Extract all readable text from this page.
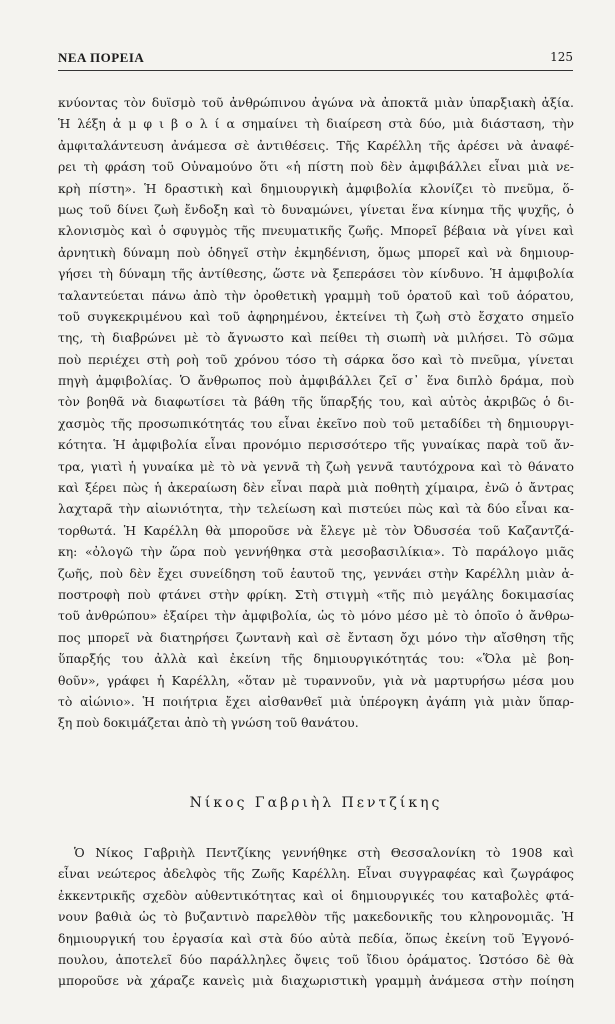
ΝΕΑ ΠΟΡΕΙΑ	125
κνύοντας τὸν δυϊσμὸ τοῦ ἀνθρώπινου ἀγώνα νὰ ἀποκτᾶ μιὰν ὑπαρξιακὴ ἀξία.
Ἡ λέξη ἀ μ φ ι β ο λ ί α σημαίνει τὴ διαίρεση στὰ δύο, μιὰ διάσταση, τὴν
ἀμφιταλάντευση ἀνάμεσα σὲ ἀντιθέσεις. Τῆς Καρέλλη τῆς ἀρέσει νὰ ἀναφέ-
ρει τὴ φράση τοῦ Οὐναμούνο ὅτι «ἡ πίστη ποὺ δὲν ἀμφιβάλλει εἶναι μιὰ νε-
κρὴ πίστη». Ἡ δραστικὴ καὶ δημιουργικὴ ἀμφιβολία κλονίζει τὸ πνεῦμα, ὅ-
μως τοῦ δίνει ζωὴ ἔνδοξη καὶ τὸ δυναμώνει, γίνεται ἕνα κίνημα τῆς ψυχῆς, ὁ
κλονισμὸς καὶ ὁ σφυγμὸς τῆς πνευματικῆς ζωῆς. Μπορεῖ βέβαια νὰ γίνει καὶ
ἀρνητικὴ δύναμη ποὺ ὁδηγεῖ στὴν ἐκμηδένιση, ὅμως μπορεῖ καὶ νὰ δημιουρ-
γήσει τὴ δύναμη τῆς ἀντίθεσης, ὥστε νὰ ξεπεράσει τὸν κίνδυνο. Ἡ ἀμφιβολία
ταλαντεύεται πάνω ἀπὸ τὴν ὀροθετικὴ γραμμὴ τοῦ ὁρατοῦ καὶ τοῦ ἀόρατου,
τοῦ συγκεκριμένου καὶ τοῦ ἀφηρημένου, ἐκτείνει τὴ ζωὴ στὸ ἔσχατο σημεῖο
της, τὴ διαβρώνει μὲ τὸ ἄγνωστο καὶ πείθει τὴ σιωπὴ νὰ μιλήσει. Τὸ σῶμα
ποὺ περιέχει στὴ ροὴ τοῦ χρόνου τόσο τὴ σάρκα ὅσο καὶ τὸ πνεῦμα, γίνεται
πηγὴ ἀμφιβολίας. Ὁ ἄνθρωπος ποὺ ἀμφιβάλλει ζεῖ σ᾿ ἕνα διπλὸ δράμα, ποὺ
τὸν βοηθᾶ νὰ διαφωτίσει τὰ βάθη τῆς ὕπαρξής του, καὶ αὐτὸς ἀκριβῶς ὁ δι-
χασμὸς τῆς προσωπικότητάς του εἶναι ἐκεῖνο ποὺ τοῦ μεταδίδει τὴ δημιουργι-
κότητα. Ἡ ἀμφιβολία εἶναι προνόμιο περισσότερο τῆς γυναίκας παρὰ τοῦ ἄν-
τρα, γιατὶ ἡ γυναίκα μὲ τὸ νὰ γεννᾶ τὴ ζωὴ γεννᾶ ταυτόχρονα καὶ τὸ θάνατο
καὶ ξέρει πὼς ἡ ἀκεραίωση δὲν εἶναι παρὰ μιὰ ποθητὴ χίμαιρα, ἐνῶ ὁ ἄντρας
λαχταρᾶ τὴν αἰωνιότητα, τὴν τελείωση καὶ πιστεύει πὼς καὶ τὰ δύο εἶναι κα-
τορθωτά. Ἡ Καρέλλη θὰ μποροῦσε νὰ ἔλεγε μὲ τὸν Ὀδυσσέα τοῦ Καζαντζά-
κη: «ὀλογῶ τὴν ὥρα ποὺ γεννήθηκα στὰ μεσοβασιλίκια». Τὸ παράλογο μιᾶς
ζωῆς, ποὺ δὲν ἔχει συνείδηση τοῦ ἑαυτοῦ της, γεννάει στὴν Καρέλλη μιὰν ἀ-
ποστροφὴ ποὺ φτάνει στὴν φρίκη. Στὴ στιγμὴ «τῆς πιὸ μεγάλης δοκιμασίας
τοῦ ἀνθρώπου» ἐξαίρει τὴν ἀμφιβολία, ὡς τὸ μόνο μέσο μὲ τὸ ὁποῖο ὁ ἄνθρω-
πος μπορεῖ νὰ διατηρήσει ζωντανὴ καὶ σὲ ἔνταση ὄχι μόνο τὴν αἴσθηση τῆς
ὕπαρξής του ἀλλὰ καὶ ἐκείνη τῆς δημιουργικότητάς του: «Ὅλα μὲ βοη-
θοῦν», γράφει ἡ Καρέλλη, «ὅταν μὲ τυραννοῦν, γιὰ νὰ μαρτυρήσω μέσα μου
τὸ αἰώνιο». Ἡ ποιήτρια ἔχει αἰσθανθεῖ μιὰ ὑπέρογκη ἀγάπη γιὰ μιὰν ὕπαρ-
ξη ποὺ δοκιμάζεται ἀπὸ τὴ γνώση τοῦ θανάτου.
Νίκος Γαβριὴλ Πεντζίκης
Ὁ Νίκος Γαβριὴλ Πεντζίκης γεννήθηκε στὴ Θεσσαλονίκη τὸ 1908 καὶ
εἶναι νεώτερος ἀδελφὸς τῆς Ζωῆς Καρέλλη. Εἶναι συγγραφέας καὶ ζωγράφος
ἐκκεντρικῆς σχεδὸν αὐθεντικότητας καὶ οἱ δημιουργικές του καταβολὲς φτά-
νουν βαθιὰ ὡς τὸ βυζαντινὸ παρελθὸν τῆς μακεδονικῆς του κληρονομιᾶς. Ἡ
δημιουργική του ἐργασία καὶ στὰ δύο αὐτὰ πεδία, ὅπως ἐκείνη τοῦ Ἐγγονό-
πουλου, ἀποτελεῖ δύο παράλληλες ὄψεις τοῦ ἴδιου ὁράματος. Ὡστόσο δὲ θὰ
μποροῦσε νὰ χάραζε κανεὶς μιὰ διαχωριστικὴ γραμμὴ ἀνάμεσα στὴν ποίηση
